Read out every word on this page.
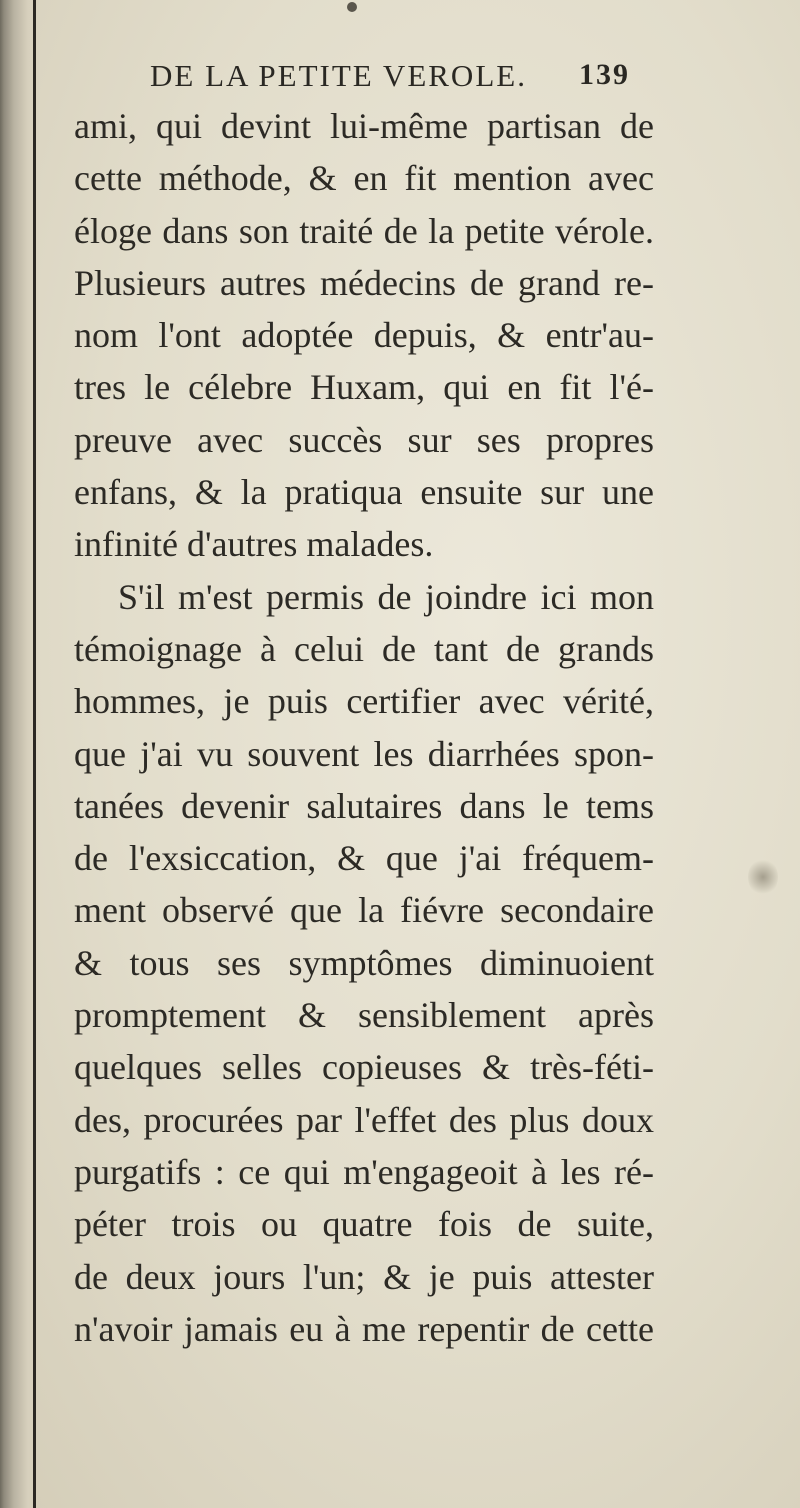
DE LA PETITE VEROLE. 139
ami, qui devint lui-même partisan de
cette méthode, & en fit mention avec
éloge dans son traité de la petite vérole.
Plusieurs autres médecins de grand re-
nom l'ont adoptée depuis, & entr'au-
tres le célebre Huxam, qui en fit l'é-
preuve avec succès sur ses propres
enfans, & la pratiqua ensuite sur une
infinité d'autres malades.
S'il m'est permis de joindre ici mon
témoignage à celui de tant de grands
hommes, je puis certifier avec vérité,
que j'ai vu souvent les diarrhées spon-
tanées devenir salutaires dans le tems
de l'exsiccation, & que j'ai fréquem-
ment observé que la fiévre secondaire
& tous ses symptômes diminuoient
promptement & sensiblement après
quelques selles copieuses & très-féti-
des, procurées par l'effet des plus doux
purgatifs : ce qui m'engageoit à les ré-
péter trois ou quatre fois de suite,
de deux jours l'un; & je puis attester
n'avoir jamais eu à me repentir de cette
